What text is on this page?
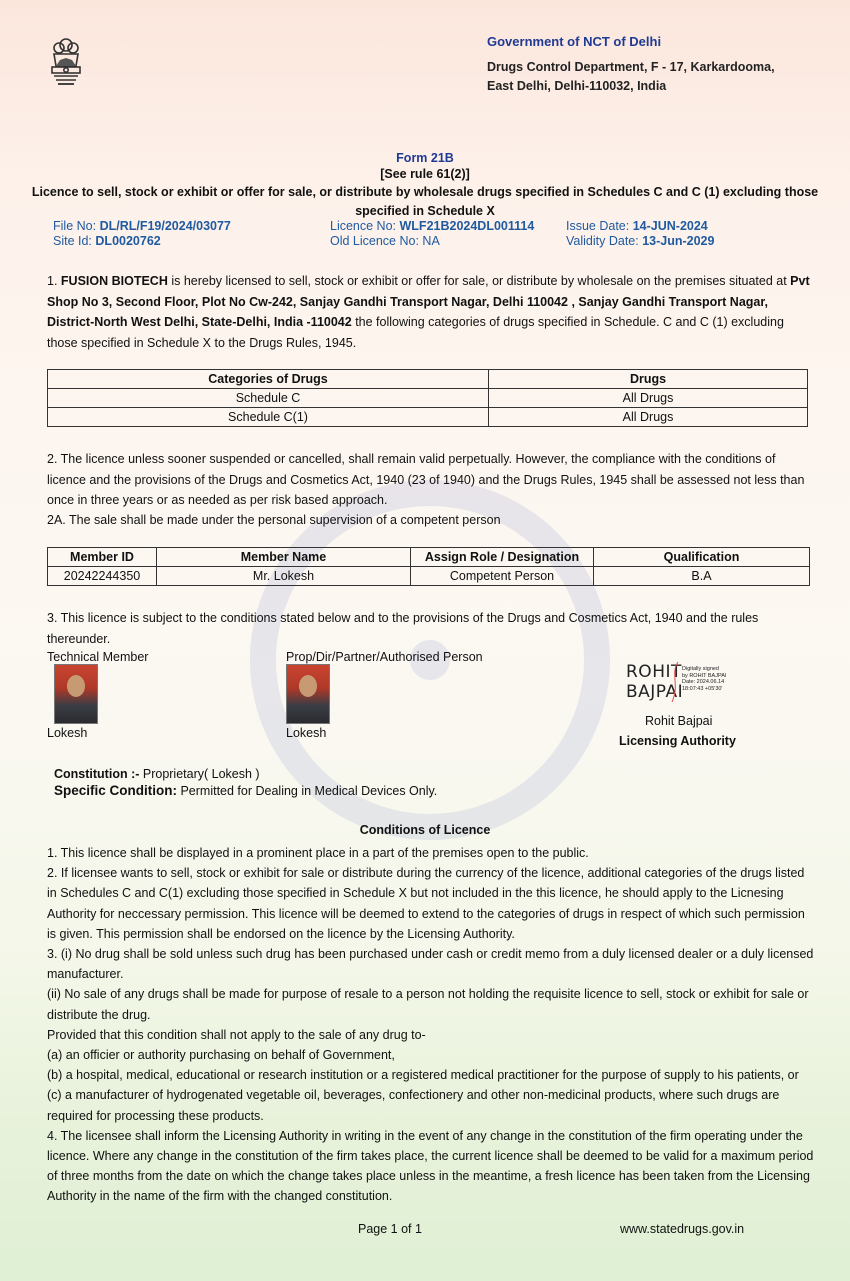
Government of NCT of Delhi
Drugs Control Department, F - 17, Karkardooma,
East Delhi, Delhi-110032, India
Form 21B
[See rule 61(2)]
Licence to sell, stock or exhibit or offer for sale, or distribute by wholesale drugs specified in Schedules C and C (1) excluding those specified in Schedule X
File No: DL/RL/F19/2024/03077
Site Id: DL0020762
Licence No: WLF21B2024DL001114
Old Licence No: NA
Issue Date: 14-JUN-2024
Validity Date: 13-Jun-2029
1. FUSION BIOTECH is hereby licensed to sell, stock or exhibit or offer for sale, or distribute by wholesale on the premises situated at Pvt Shop No 3, Second Floor, Plot No Cw-242, Sanjay Gandhi Transport Nagar, Delhi 110042 , Sanjay Gandhi Transport Nagar, District-North West Delhi, State-Delhi, India -110042 the following categories of drugs specified in Schedule. C and C (1) excluding those specified in Schedule X to the Drugs Rules, 1945.
Categories of Drugs	Drugs
Schedule C	All Drugs
Schedule C(1)	All Drugs
2. The licence unless sooner suspended or cancelled, shall remain valid perpetually. However, the compliance with the conditions of licence and the provisions of the Drugs and Cosmetics Act, 1940 (23 of 1940) and the Drugs Rules, 1945 shall be assessed not less than once in three years or as needed as per risk based approach.
2A. The sale shall be made under the personal supervision of a competent person
Member ID	Member Name	Assign Role / Designation	Qualification
20242244350	Mr. Lokesh	Competent Person	B.A
3. This licence is subject to the conditions stated below and to the provisions of the Drugs and Cosmetics Act, 1940 and the rules thereunder.
Technical Member
Lokesh
Prop/Dir/Partner/Authorised Person
Lokesh
ROHIT
BAJPAI
Digitally signed
by ROHIT BAJPAI
Date: 2024.06.14
18:07:43 +05'30'
Rohit Bajpai
Licensing Authority
Constitution :- Proprietary( Lokesh )
Specific Condition: Permitted for Dealing in Medical Devices Only.
Conditions of Licence

1. This licence shall be displayed in a prominent place in a part of the premises open to the public.

2. If licensee wants to sell, stock or exhibit for sale or distribute during the currency of the licence, additional categories of the drugs listed in Schedules C and C(1) excluding those specified in Schedule X but not included in the this licence, he should apply to the Licnesing Authority for neccessary permission. This licence will be deemed to extend to the categories of drugs in respect of which such permission is given. This permission shall be endorsed on the licence by the Licensing Authority.

3. (i) No drug shall be sold unless such drug has been purchased under cash or credit memo from a duly licensed dealer or a duly licensed manufacturer.

(ii) No sale of any drugs shall be made for purpose of resale to a person not holding the requisite licence to sell, stock or exhibit for sale or distribute the drug.

Provided that this condition shall not apply to the sale of any drug to-

(a) an officier or authority purchasing on behalf of Government,

(b) a hospital, medical, educational or research institution or a registered medical practitioner for the purpose of supply to his patients, or

(c) a manufacturer of hydrogenated vegetable oil, beverages, confectionery and other non-medicinal products, where such drugs are required for processing these products.

4. The licensee shall inform the Licensing Authority in writing in the event of any change in the constitution of the firm operating under the licence. Where any change in the constitution of the firm takes place, the current licence shall be deemed to be valid for a maximum period of three months from the date on which the change takes place unless in the meantime, a fresh licence has been taken from the Licensing Authority in the name of the firm with the changed constitution.

Page 1 of 1	www.statedrugs.gov.in
